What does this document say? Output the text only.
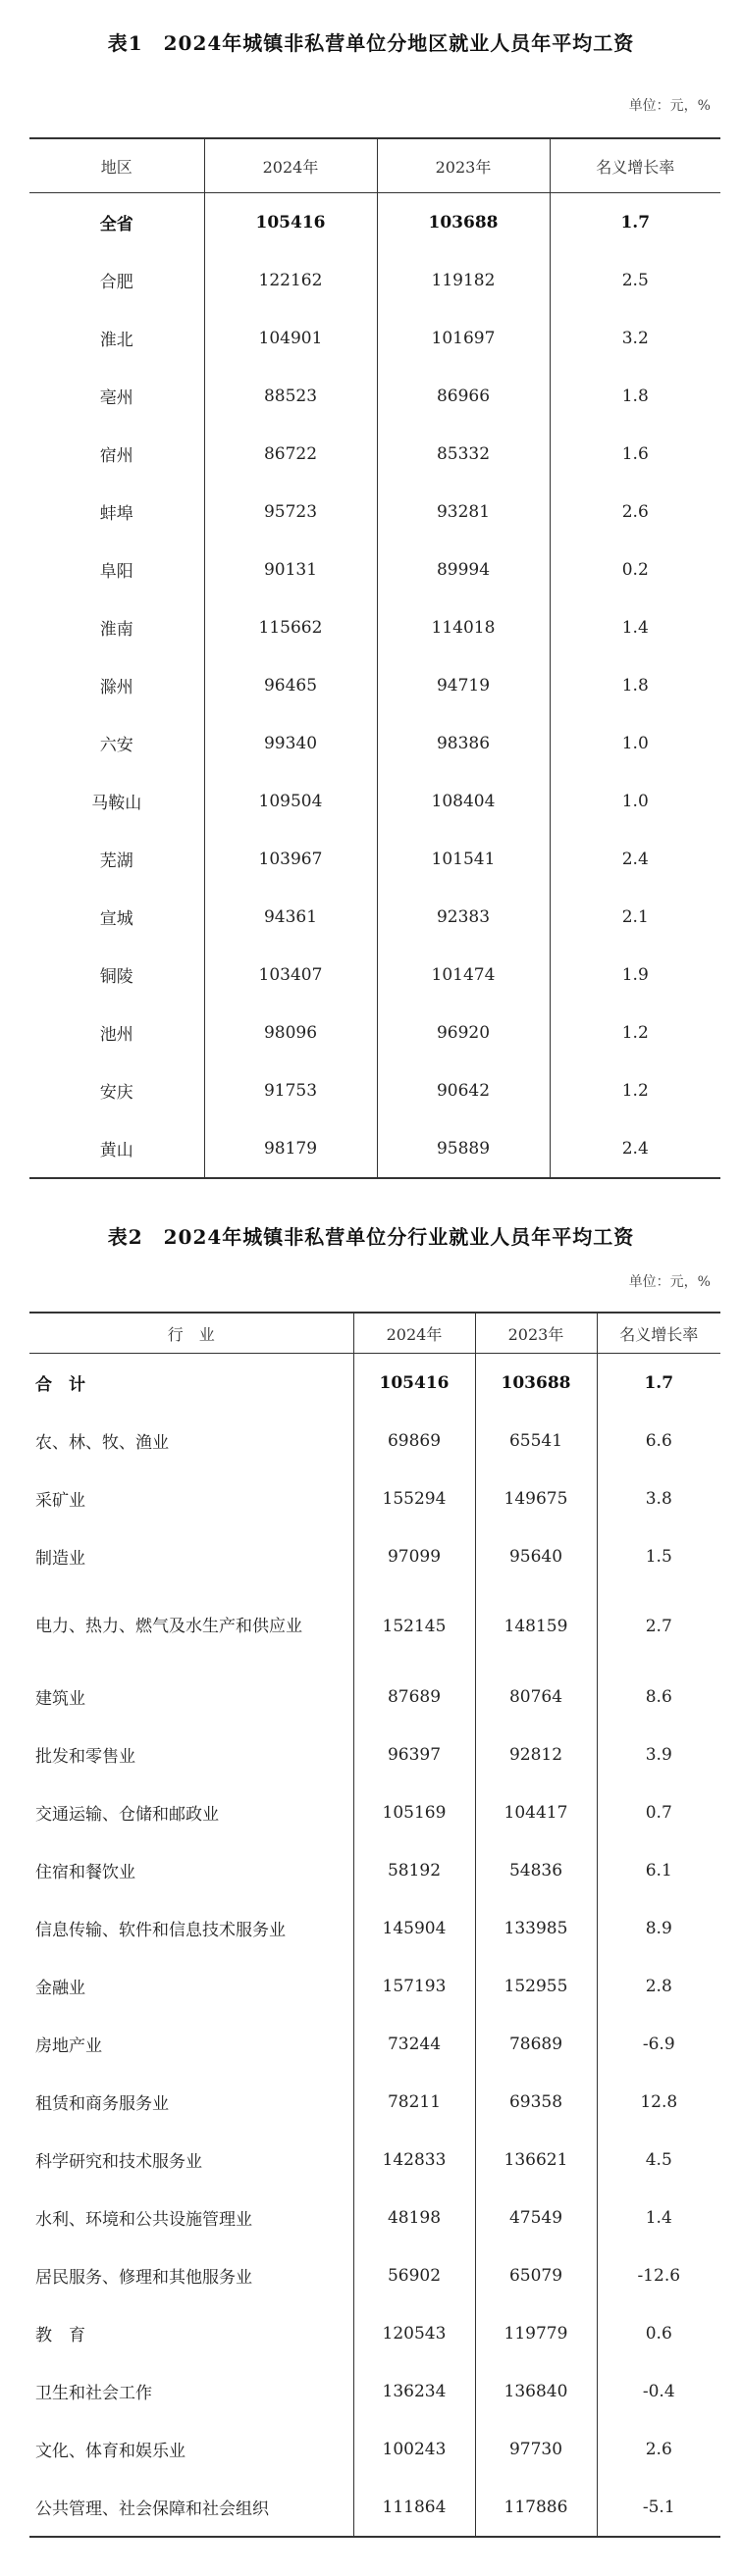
表1　2024年城镇非私营单位分地区就业人员年平均工资
单位：元，%
地区	2024年	2023年	名义增长率
全省	105416	103688	1.7
合肥	122162	119182	2.5
淮北	104901	101697	3.2
亳州	88523	86966	1.8
宿州	86722	85332	1.6
蚌埠	95723	93281	2.6
阜阳	90131	89994	0.2
淮南	115662	114018	1.4
滁州	96465	94719	1.8
六安	99340	98386	1.0
马鞍山	109504	108404	1.0
芜湖	103967	101541	2.4
宣城	94361	92383	2.1
铜陵	103407	101474	1.9
池州	98096	96920	1.2
安庆	91753	90642	1.2
黄山	98179	95889	2.4
表2　2024年城镇非私营单位分行业就业人员年平均工资
单位：元，%
行　业	2024年	2023年	名义增长率
合　计	105416	103688	1.7
农、林、牧、渔业	69869	65541	6.6
采矿业	155294	149675	3.8
制造业	97099	95640	1.5
电力、热力、燃气及水生产和供应业	152145	148159	2.7
建筑业	87689	80764	8.6
批发和零售业	96397	92812	3.9
交通运输、仓储和邮政业	105169	104417	0.7
住宿和餐饮业	58192	54836	6.1
信息传输、软件和信息技术服务业	145904	133985	8.9
金融业	157193	152955	2.8
房地产业	73244	78689	-6.9
租赁和商务服务业	78211	69358	12.8
科学研究和技术服务业	142833	136621	4.5
水利、环境和公共设施管理业	48198	47549	1.4
居民服务、修理和其他服务业	56902	65079	-12.6
教　育	120543	119779	0.6
卫生和社会工作	136234	136840	-0.4
文化、体育和娱乐业	100243	97730	2.6
公共管理、社会保障和社会组织	111864	117886	-5.1
